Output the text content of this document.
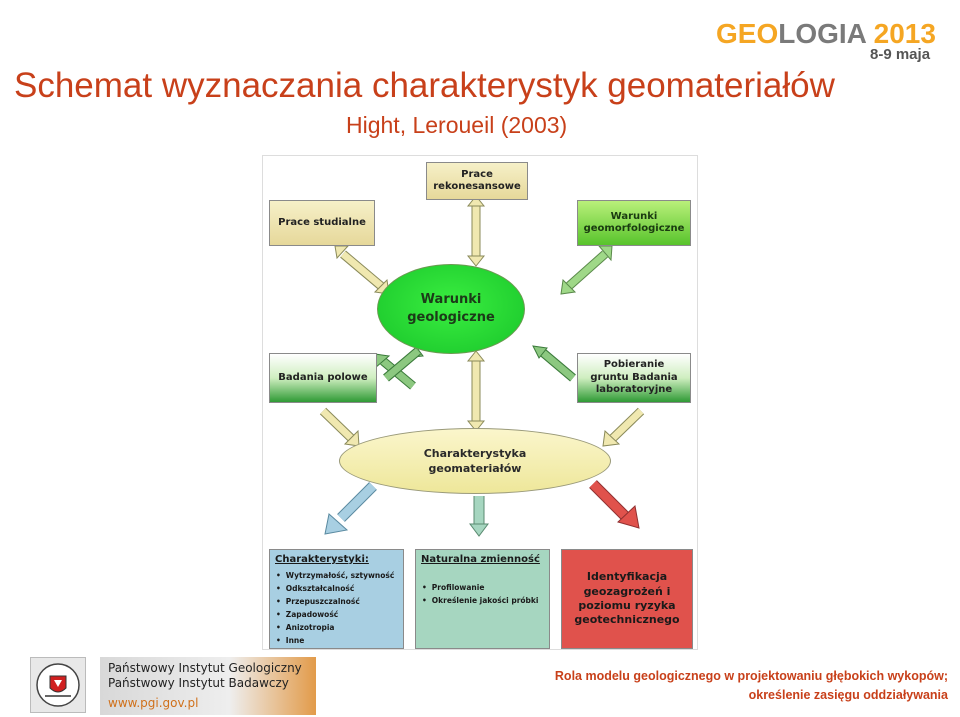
GEOLOGIA 2013
8-9 maja
Schemat wyznaczania charakterystyk geomateriałów
Hight, Leroueil (2003)
Prace rekonesansowe
Prace studialne
Warunki geomorfologiczne
Warunki geologiczne
Badania polowe
Pobieranie gruntu Badania laboratoryjne
Charakterystyka geomateriałów
Charakterystyki:
• Wytrzymałość, sztywność
• Odkształcalność
• Przepuszczalność
• Zapadowość
• Anizotropia
• Inne
Naturalna zmienność
• Profilowanie
• Określenie jakości próbki
Identyfikacja geozagrożeń i poziomu ryzyka geotechnicznego
Państwowy Instytut Geologiczny
Państwowy Instytut Badawczy
www.pgi.gov.pl
Rola modelu geologicznego w projektowaniu głębokich wykopów;
określenie zasięgu oddziaływania
